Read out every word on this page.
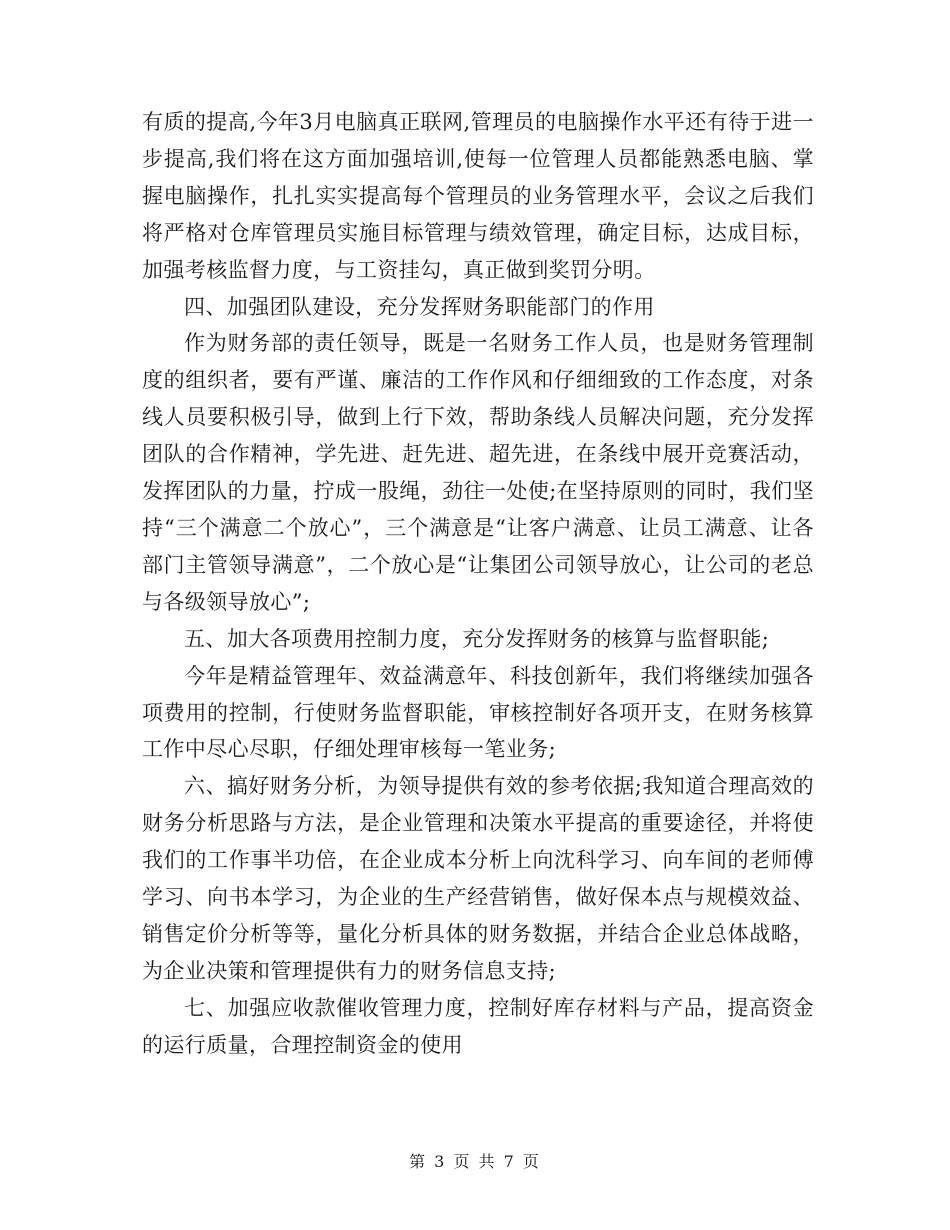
有质的提高,今年3月电脑真正联网,管理员的电脑操作水平还有待于进一步提高,我们将在这方面加强培训,使每一位管理人员都能熟悉电脑、掌握电脑操作，扎扎实实提高每个管理员的业务管理水平，会议之后我们将严格对仓库管理员实施目标管理与绩效管理，确定目标，达成目标，加强考核监督力度，与工资挂勾，真正做到奖罚分明。

四、加强团队建设，充分发挥财务职能部门的作用

作为财务部的责任领导，既是一名财务工作人员，也是财务管理制度的组织者，要有严谨、廉洁的工作作风和仔细细致的工作态度，对条线人员要积极引导，做到上行下效，帮助条线人员解决问题，充分发挥团队的合作精神，学先进、赶先进、超先进，在条线中展开竞赛活动，发挥团队的力量，拧成一股绳，劲往一处使;在坚持原则的同时，我们坚持“三个满意二个放心”，三个满意是“让客户满意、让员工满意、让各部门主管领导满意”，二个放心是“让集团公司领导放心，让公司的老总与各级领导放心”;

五、加大各项费用控制力度，充分发挥财务的核算与监督职能;

今年是精益管理年、效益满意年、科技创新年，我们将继续加强各项费用的控制，行使财务监督职能，审核控制好各项开支，在财务核算工作中尽心尽职，仔细处理审核每一笔业务;

六、搞好财务分析，为领导提供有效的参考依据;我知道合理高效的财务分析思路与方法，是企业管理和决策水平提高的重要途径，并将使我们的工作事半功倍，在企业成本分析上向沈科学习、向车间的老师傅学习、向书本学习，为企业的生产经营销售，做好保本点与规模效益、销售定价分析等等，量化分析具体的财务数据，并结合企业总体战略，为企业决策和管理提供有力的财务信息支持;

七、加强应收款催收管理力度，控制好库存材料与产品，提高资金的运行质量，合理控制资金的使用

第 3 页 共 7 页
